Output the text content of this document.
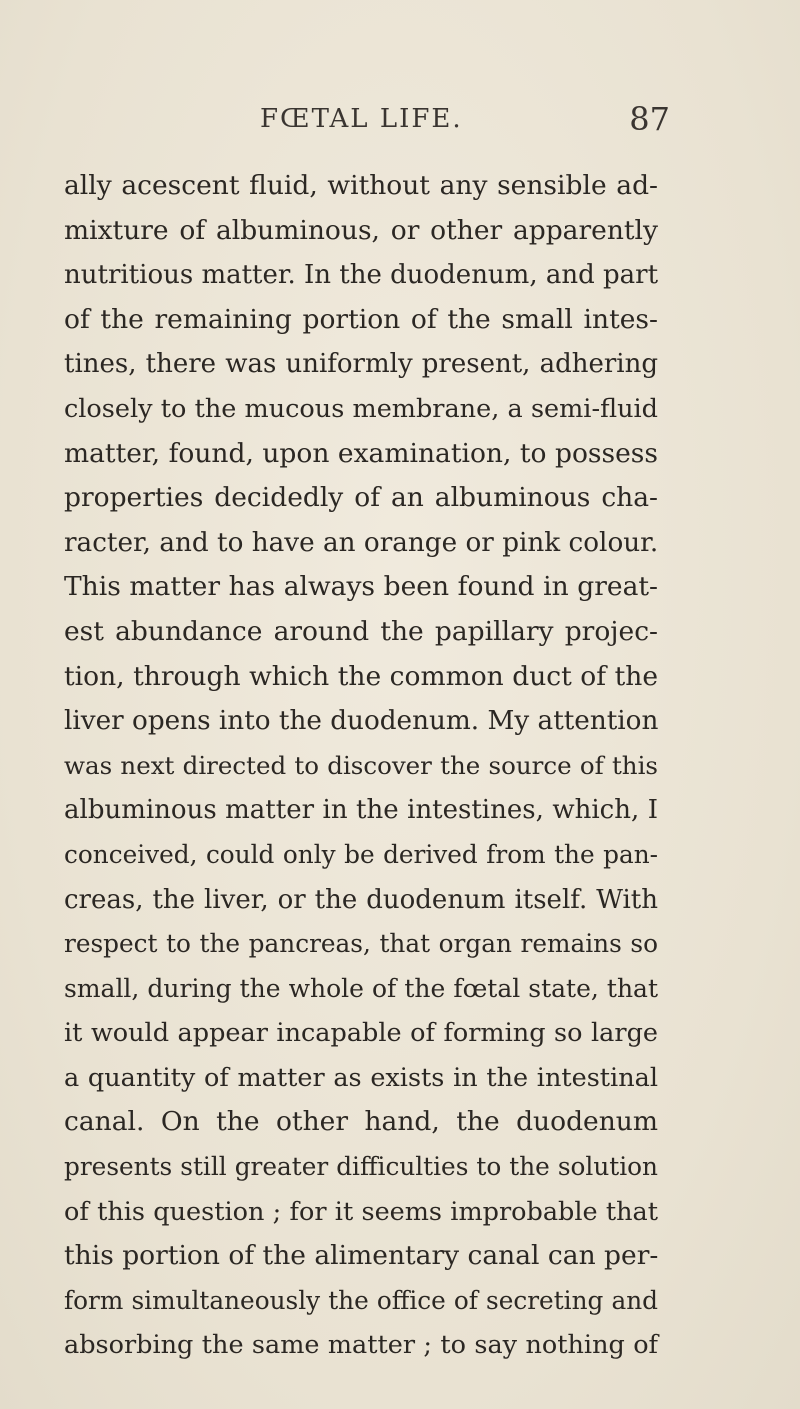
FŒTAL LIFE.	87
ally acescent fluid, without any sensible ad-
mixture of albuminous, or other apparently
nutritious matter. In the duodenum, and part
of the remaining portion of the small intes-
tines, there was uniformly present, adhering
closely to the mucous membrane, a semi-fluid
matter, found, upon examination, to possess
properties decidedly of an albuminous cha-
racter, and to have an orange or pink colour.
This matter has always been found in great-
est abundance around the papillary projec-
tion, through which the common duct of the
liver opens into the duodenum. My attention
was next directed to discover the source of this
albuminous matter in the intestines, which, I
conceived, could only be derived from the pan-
creas, the liver, or the duodenum itself. With
respect to the pancreas, that organ remains so
small, during the whole of the fœtal state, that
it would appear incapable of forming so large
a quantity of matter as exists in the intestinal
canal. On the other hand, the duodenum
presents still greater difficulties to the solution
of this question ; for it seems improbable that
this portion of the alimentary canal can per-
form simultaneously the office of secreting and
absorbing the same matter ; to say nothing of
